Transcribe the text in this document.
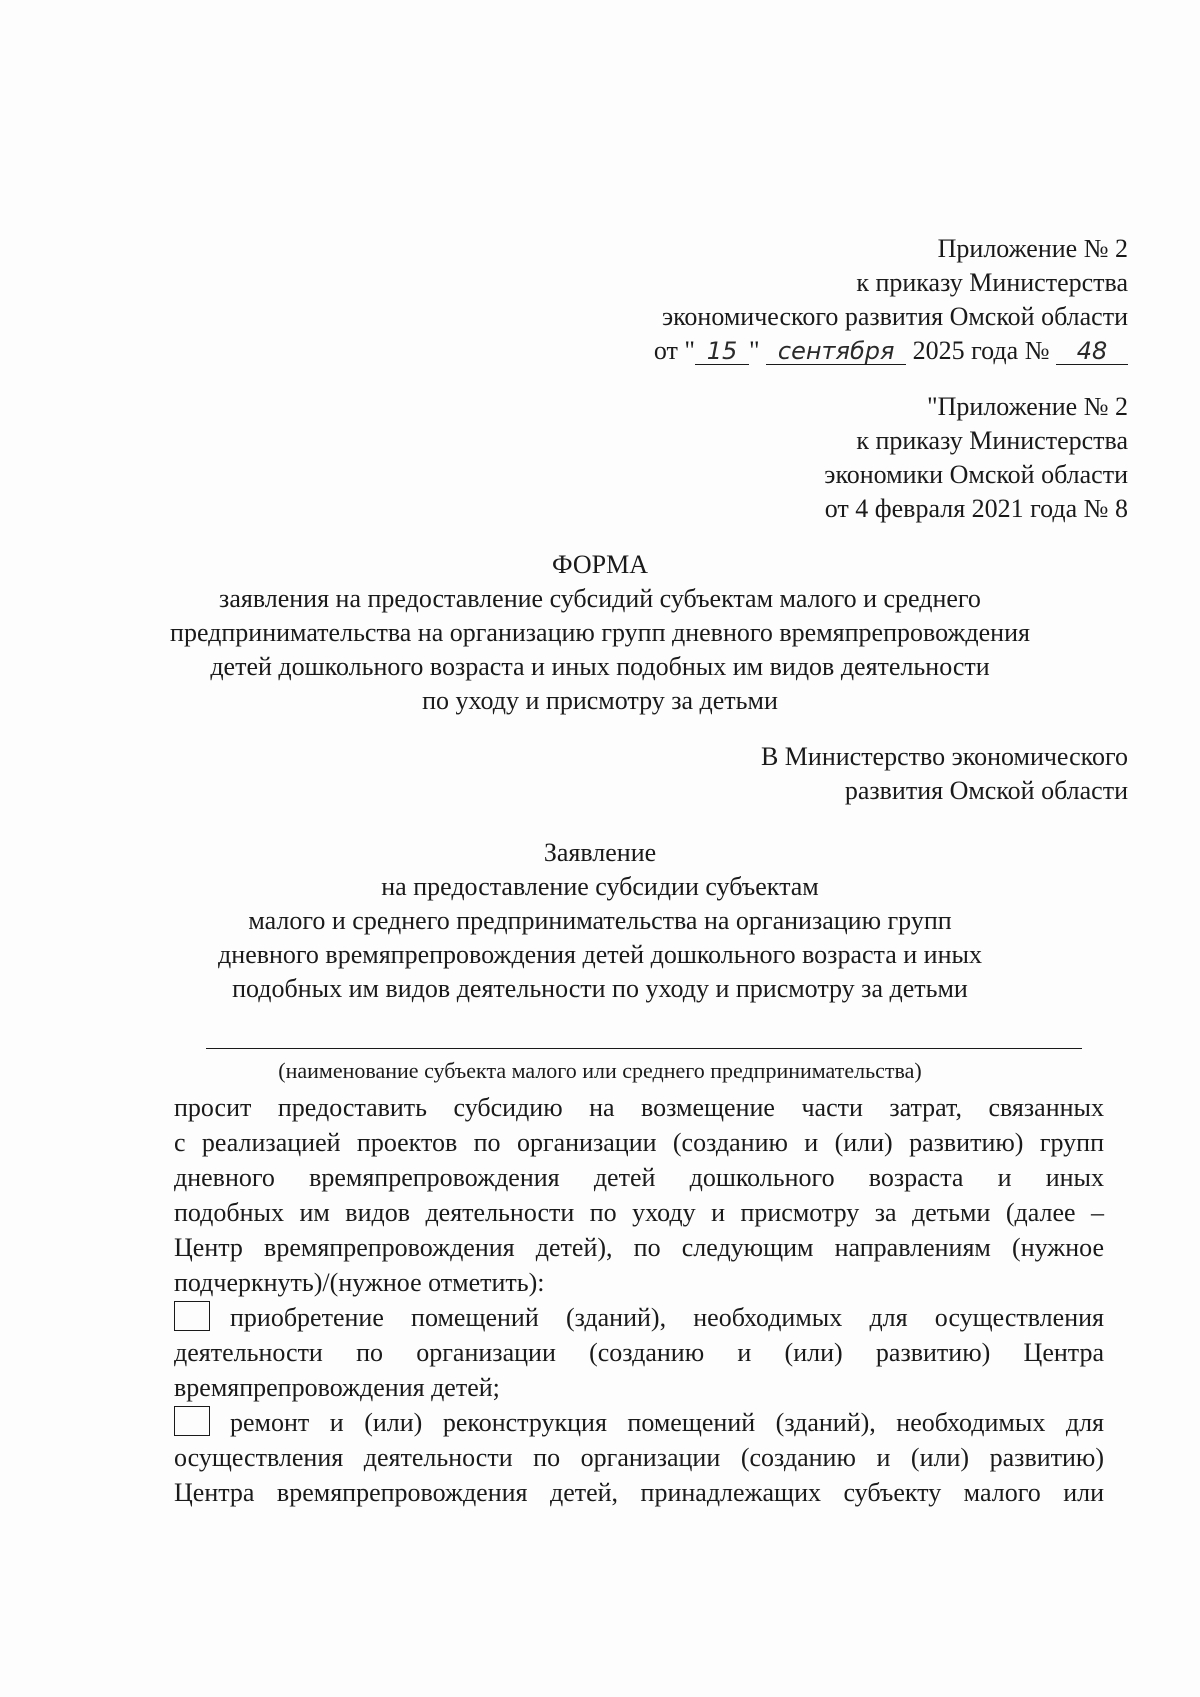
Приложение № 2
к приказу Министерства
экономического развития Омской области
от " 15 " сентября 2025 года № 48
"Приложение № 2
к приказу Министерства
экономики Омской области
от 4 февраля 2021 года № 8
ФОРМА
заявления на предоставление субсидий субъектам малого и среднего
предпринимательства на организацию групп дневного времяпрепровождения
детей дошкольного возраста и иных подобных им видов деятельности
по уходу и присмотру за детьми
В Министерство экономического
развития Омской области
Заявление
на предоставление субсидии субъектам
малого и среднего предпринимательства на организацию групп
дневного времяпрепровождения детей дошкольного возраста и иных
подобных им видов деятельности по уходу и присмотру за детьми
(наименование субъекта малого или среднего предпринимательства)
просит предоставить субсидию на возмещение части затрат, связанных
с реализацией проектов по организации (созданию и (или) развитию) групп
дневного времяпрепровождения детей дошкольного возраста и иных
подобных им видов деятельности по уходу и присмотру за детьми (далее –
Центр времяпрепровождения детей), по следующим направлениям (нужное
подчеркнуть)/(нужное отметить):
приобретение помещений (зданий), необходимых для осуществления
деятельности по организации (созданию и (или) развитию) Центра
времяпрепровождения детей;
ремонт и (или) реконструкция помещений (зданий), необходимых для
осуществления деятельности по организации (созданию и (или) развитию)
Центра времяпрепровождения детей, принадлежащих субъекту малого или
